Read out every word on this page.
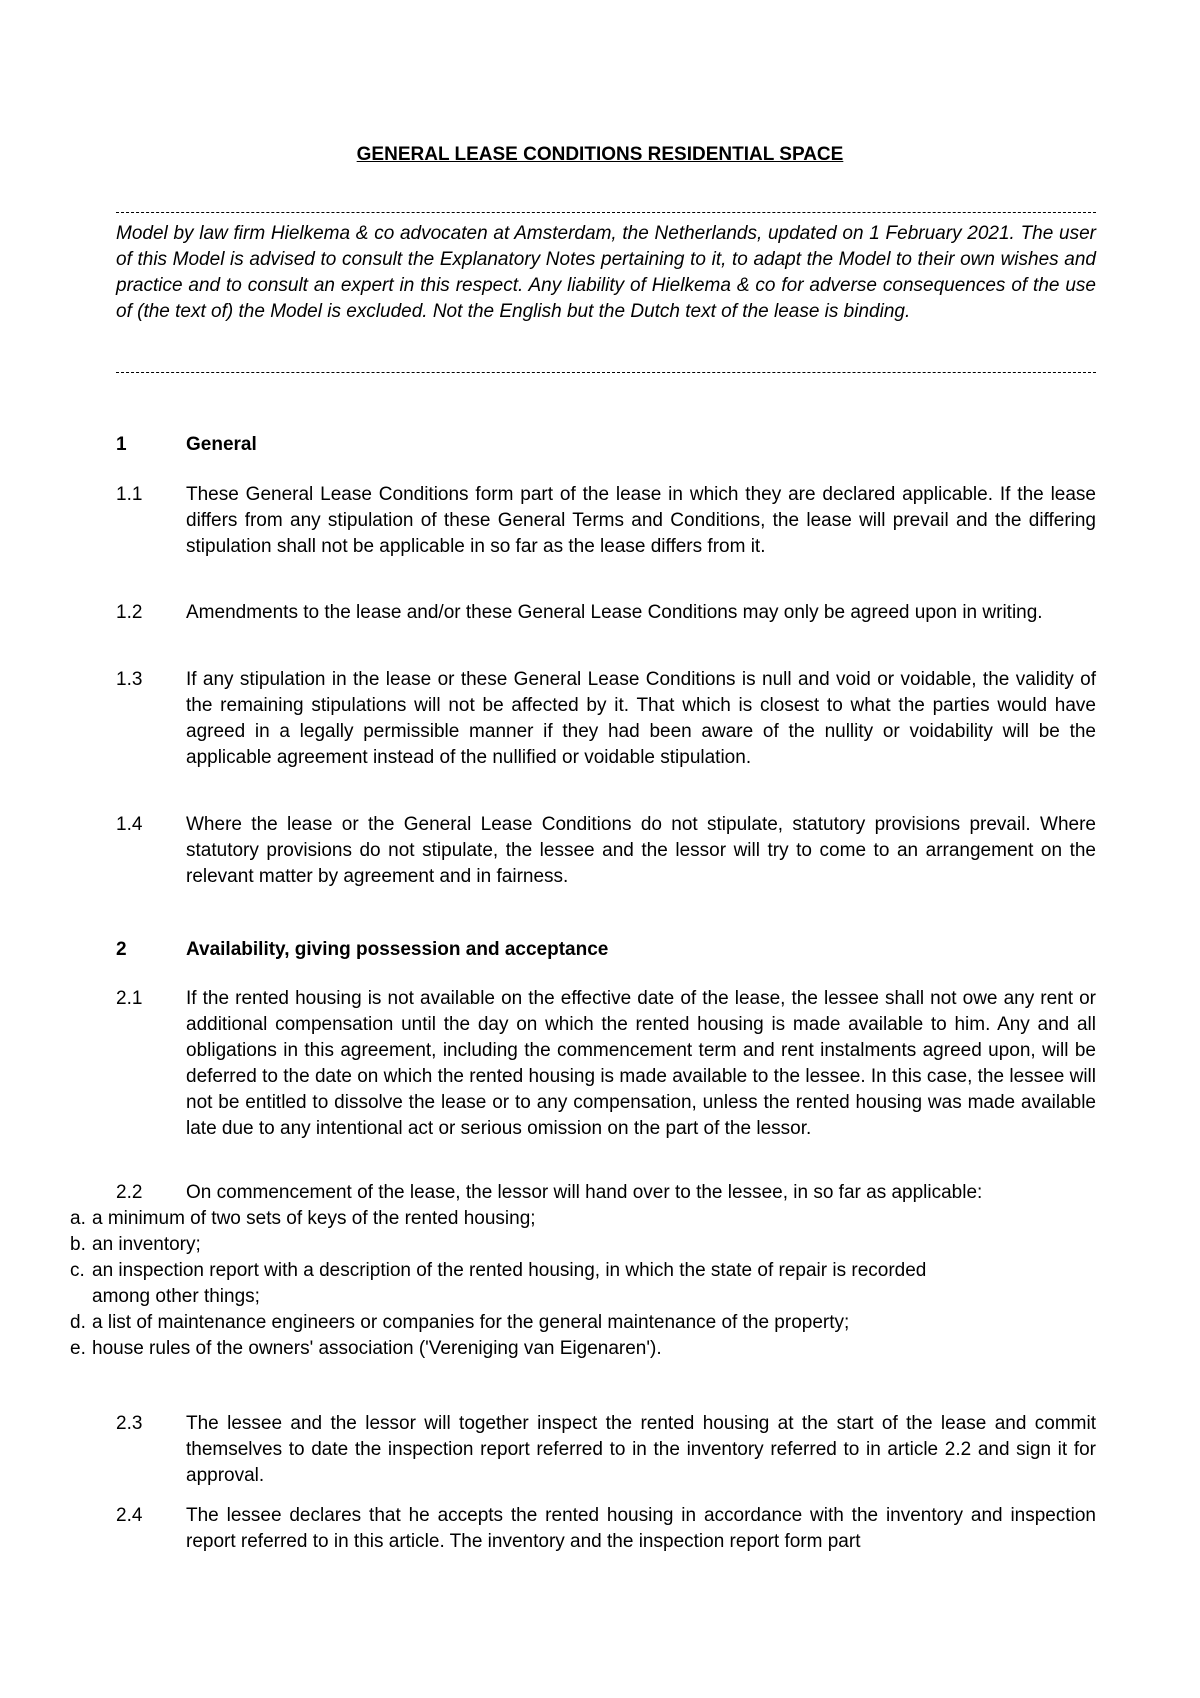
GENERAL LEASE CONDITIONS RESIDENTIAL SPACE
Model by law firm Hielkema & co advocaten at Amsterdam, the Netherlands, updated on 1 February 2021. The user of this Model is advised to consult the Explanatory Notes pertaining to it, to adapt the Model to their own wishes and practice and to consult an expert in this respect. Any liability of Hielkema & co for adverse consequences of the use of (the text of) the Model is excluded. Not the English but the Dutch text of the lease is binding.
1	General
1.1 These General Lease Conditions form part of the lease in which they are declared applicable. If the lease differs from any stipulation of these General Terms and Conditions, the lease will prevail and the differing stipulation shall not be applicable in so far as the lease differs from it.
1.2 Amendments to the lease and/or these General Lease Conditions may only be agreed upon in writing.
1.3 If any stipulation in the lease or these General Lease Conditions is null and void or voidable, the validity of the remaining stipulations will not be affected by it. That which is closest to what the parties would have agreed in a legally permissible manner if they had been aware of the nullity or voidability will be the applicable agreement instead of the nullified or voidable stipulation.
1.4 Where the lease or the General Lease Conditions do not stipulate, statutory provisions prevail. Where statutory provisions do not stipulate, the lessee and the lessor will try to come to an arrangement on the relevant matter by agreement and in fairness.
2	Availability, giving possession and acceptance
2.1 If the rented housing is not available on the effective date of the lease, the lessee shall not owe any rent or additional compensation until the day on which the rented housing is made available to him. Any and all obligations in this agreement, including the commencement term and rent instalments agreed upon, will be deferred to the date on which the rented housing is made available to the lessee. In this case, the lessee will not be entitled to dissolve the lease or to any compensation, unless the rented housing was made available late due to any intentional act or serious omission on the part of the lessor.
2.2 On commencement of the lease, the lessor will hand over to the lessee, in so far as applicable:
a. a minimum of two sets of keys of the rented housing;
b. an inventory;
c. an inspection report with a description of the rented housing, in which the state of repair is recorded among other things;
d. a list of maintenance engineers or companies for the general maintenance of the property;
e. house rules of the owners' association ('Vereniging van Eigenaren').
2.3 The lessee and the lessor will together inspect the rented housing at the start of the lease and commit themselves to date the inspection report referred to in the inventory referred to in article 2.2 and sign it for approval.
2.4 The lessee declares that he accepts the rented housing in accordance with the inventory and inspection report referred to in this article. The inventory and the inspection report form part
